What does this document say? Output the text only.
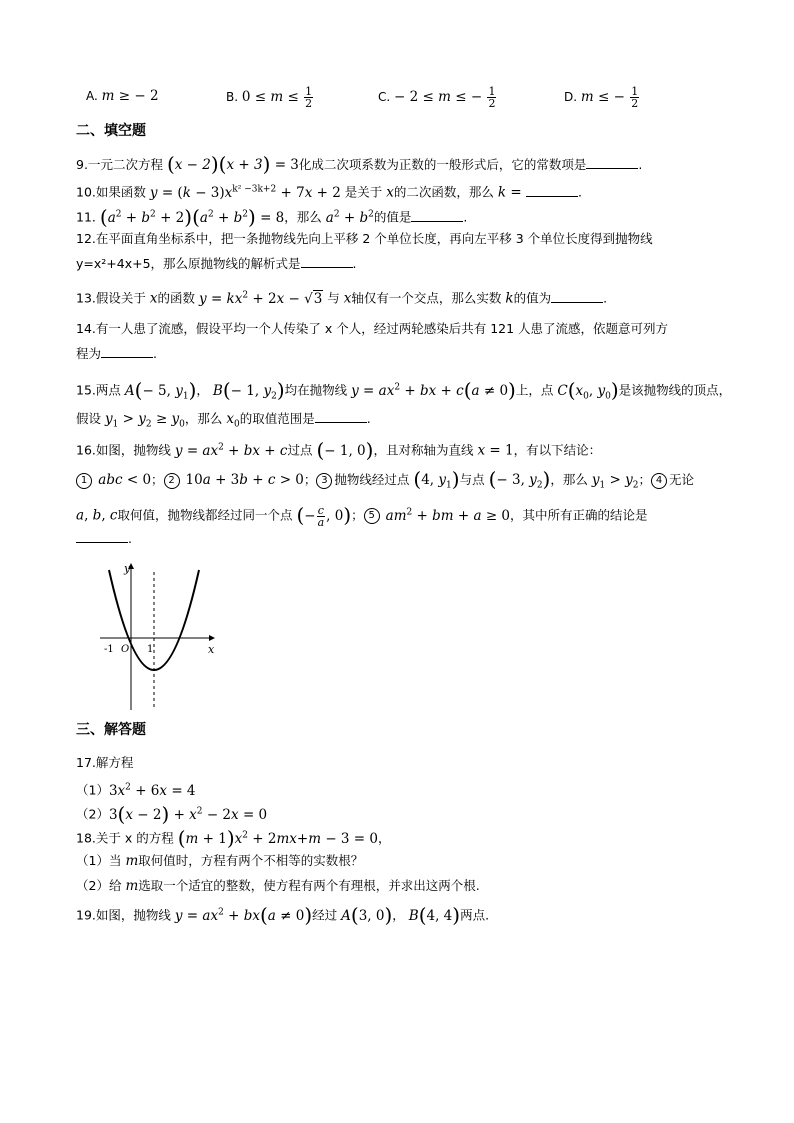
A. m ≥ − 2	B. $0 \le m \le \frac{1}{2}$	C. − 2 ≤ m ≤ − $\frac{1}{2}$	D. m ≤ − $\frac{1}{2}$
二、填空题
9.一元二次方程 (x − 2)(x + 3) = 3化成二次项系数为正数的一般形式后，它的常数项是	.
10.如果函数 $y = (k - 3)x^{k^2 -3k+2} + 7x + 2$ 是关于 x的二次函数，那么 k =	.
11. $(a^2 + b^2 + 2)(a^2 + b^2) = 8$，那么 $a^2 + b^2$的值是	.
12.在平面直角坐标系中，把一条抛物线先向上平移 2 个单位长度，再向左平移 3 个单位长度得到抛物线
y=x²+4x+5，那么原抛物线的解析式是	.
13.假设关于 x的函数 $y = kx^2 + 2x - √3$ 与 x轴仅有一个交点，那么实数 k的值为	.
14.有一人患了流感，假设平均一个人传染了 x 个人，经过两轮感染后共有 121 人患了流感，依题意可列方
程为	.
15.两点 A(− 5, $y_1$)， B(− 1, $y_2$)均在抛物线 $y = ax^2$ + bx + c(a ≠ 0)上，点 $C(x_0$, $y_0$)是该抛物线的顶点，
假设 $y_1 > y_2 \ge y_0$，那么 $x_0$的取值范围是	.
16.如图，抛物线 $y = ax^2$ + bx + c过点 (− 1, 0)，且对称轴为直线 x = 1，有以下结论：
1 abc < 0； 2 10a + 3b + c > 0； 3 抛物线经过点 (4, $y_1$)与点 (− 3, $y_2$)，那么 $y_1 > y_2$； 4 无论
a, b, c取何值，抛物线都经过同一个点 (− $\frac{c}{a}$ , 0)； 5 $am^2$ + bm + a ≥ 0，其中所有正确的结论是
.
y
x
-1 O 1
三、解答题
17.解方程
$(1)3x^2 + 6x = 4$
$(2)3(x - 2) + x^2 - 2x = 0$
18.关于 x 的方程 $(m + 1)x^2 + 2mx+m - 3 = 0$，
（1）当 m取何值时，方程有两个不相等的实数根？
（2）给 m选取一个适宜的整数，使方程有两个有理根，并求出这两个根.
19.如图，抛物线 $y = ax^2 + bx(a \ne 0)$经过 A(3, 0)， B(4, 4)两点.
